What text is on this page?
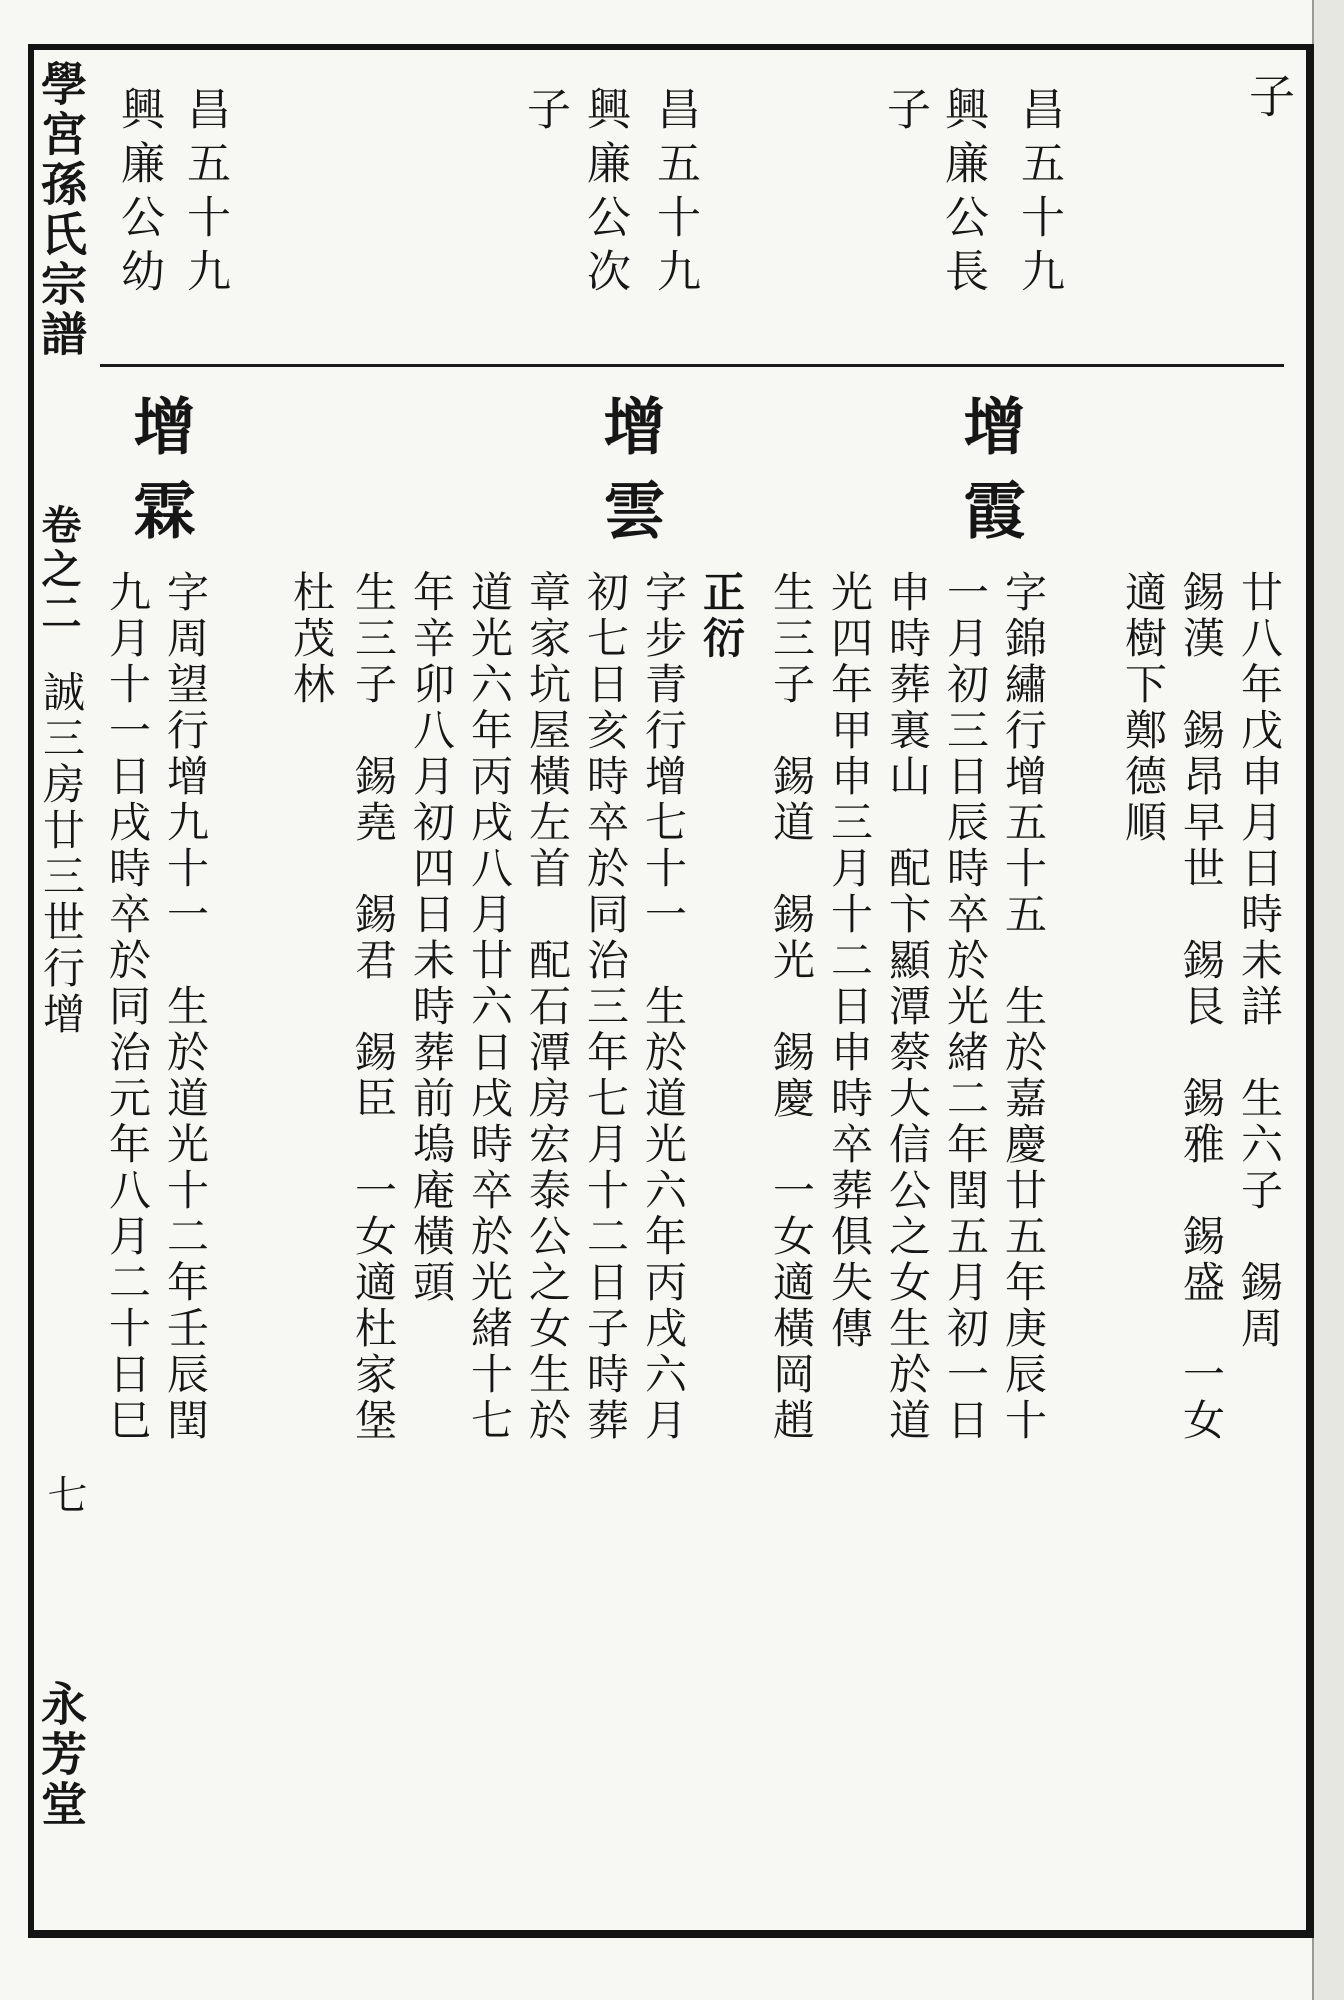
子
昌五十九
興廉公長
子
昌五十九
興廉公次
子
昌五十九
興廉公幼
廿八年戊申月日時未詳　生六子　錫周
錫漢　錫昂早世　錫艮　錫雅　錫盛　一女
適樹下鄭德順
增霞
字錦繡行增五十五　生於嘉慶廿五年庚辰十
一月初三日辰時卒於光緒二年閏五月初一日
申時葬裏山　配卞顯潭蔡大信公之女生於道
光四年甲申三月十二日申時卒葬俱失傳
生三子　錫道　錫光　錫慶　一女適橫岡趙
增雲
正衍
字步青行增七十一　生於道光六年丙戌六月
初七日亥時卒於同治三年七月十二日子時葬
章家坑屋橫左首　配石潭房宏泰公之女生於
道光六年丙戌八月廿六日戌時卒於光緒十七
年辛卯八月初四日未時葬前塢庵橫頭
生三子　錫堯　錫君　錫臣　一女適杜家堡
杜茂林
增霖
字周望行增九十一　生於道光十二年壬辰閏
九月十一日戌時卒於同治元年八月二十日巳
學宮孫氏宗譜
卷之二
誠三房廿三世行增
七
永芳堂
